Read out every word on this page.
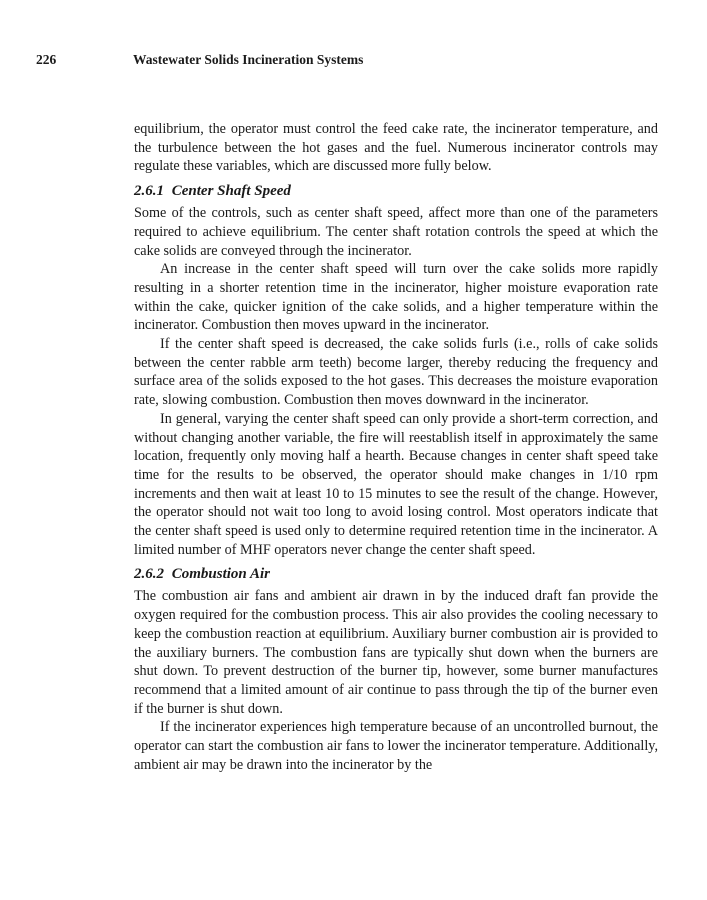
226	Wastewater Solids Incineration Systems

equilibrium, the operator must control the feed cake rate, the incinerator temperature, and the turbulence between the hot gases and the fuel. Numerous incinerator controls may regulate these variables, which are discussed more fully below.

2.6.1 Center Shaft Speed

Some of the controls, such as center shaft speed, affect more than one of the parameters required to achieve equilibrium. The center shaft rotation controls the speed at which the cake solids are conveyed through the incinerator.

An increase in the center shaft speed will turn over the cake solids more rapidly resulting in a shorter retention time in the incinerator, higher moisture evaporation rate within the cake, quicker ignition of the cake solids, and a higher temperature within the incinerator. Combustion then moves upward in the incinerator.

If the center shaft speed is decreased, the cake solids furls (i.e., rolls of cake solids between the center rabble arm teeth) become larger, thereby reducing the frequency and surface area of the solids exposed to the hot gases. This decreases the moisture evaporation rate, slowing combustion. Combustion then moves downward in the incinerator.

In general, varying the center shaft speed can only provide a short-term correction, and without changing another variable, the fire will reestablish itself in approximately the same location, frequently only moving half a hearth. Because changes in center shaft speed take time for the results to be observed, the operator should make changes in 1/10 rpm increments and then wait at least 10 to 15 minutes to see the result of the change. However, the operator should not wait too long to avoid losing control. Most operators indicate that the center shaft speed is used only to determine required retention time in the incinerator. A limited number of MHF operators never change the center shaft speed.

2.6.2 Combustion Air

The combustion air fans and ambient air drawn in by the induced draft fan provide the oxygen required for the combustion process. This air also provides the cooling necessary to keep the combustion reaction at equilibrium. Auxiliary burner combustion air is provided to the auxiliary burners. The combustion fans are typically shut down when the burners are shut down. To prevent destruction of the burner tip, however, some burner manufactures recommend that a limited amount of air continue to pass through the tip of the burner even if the burner is shut down.

If the incinerator experiences high temperature because of an uncontrolled burnout, the operator can start the combustion air fans to lower the incinerator temperature. Additionally, ambient air may be drawn into the incinerator by the
